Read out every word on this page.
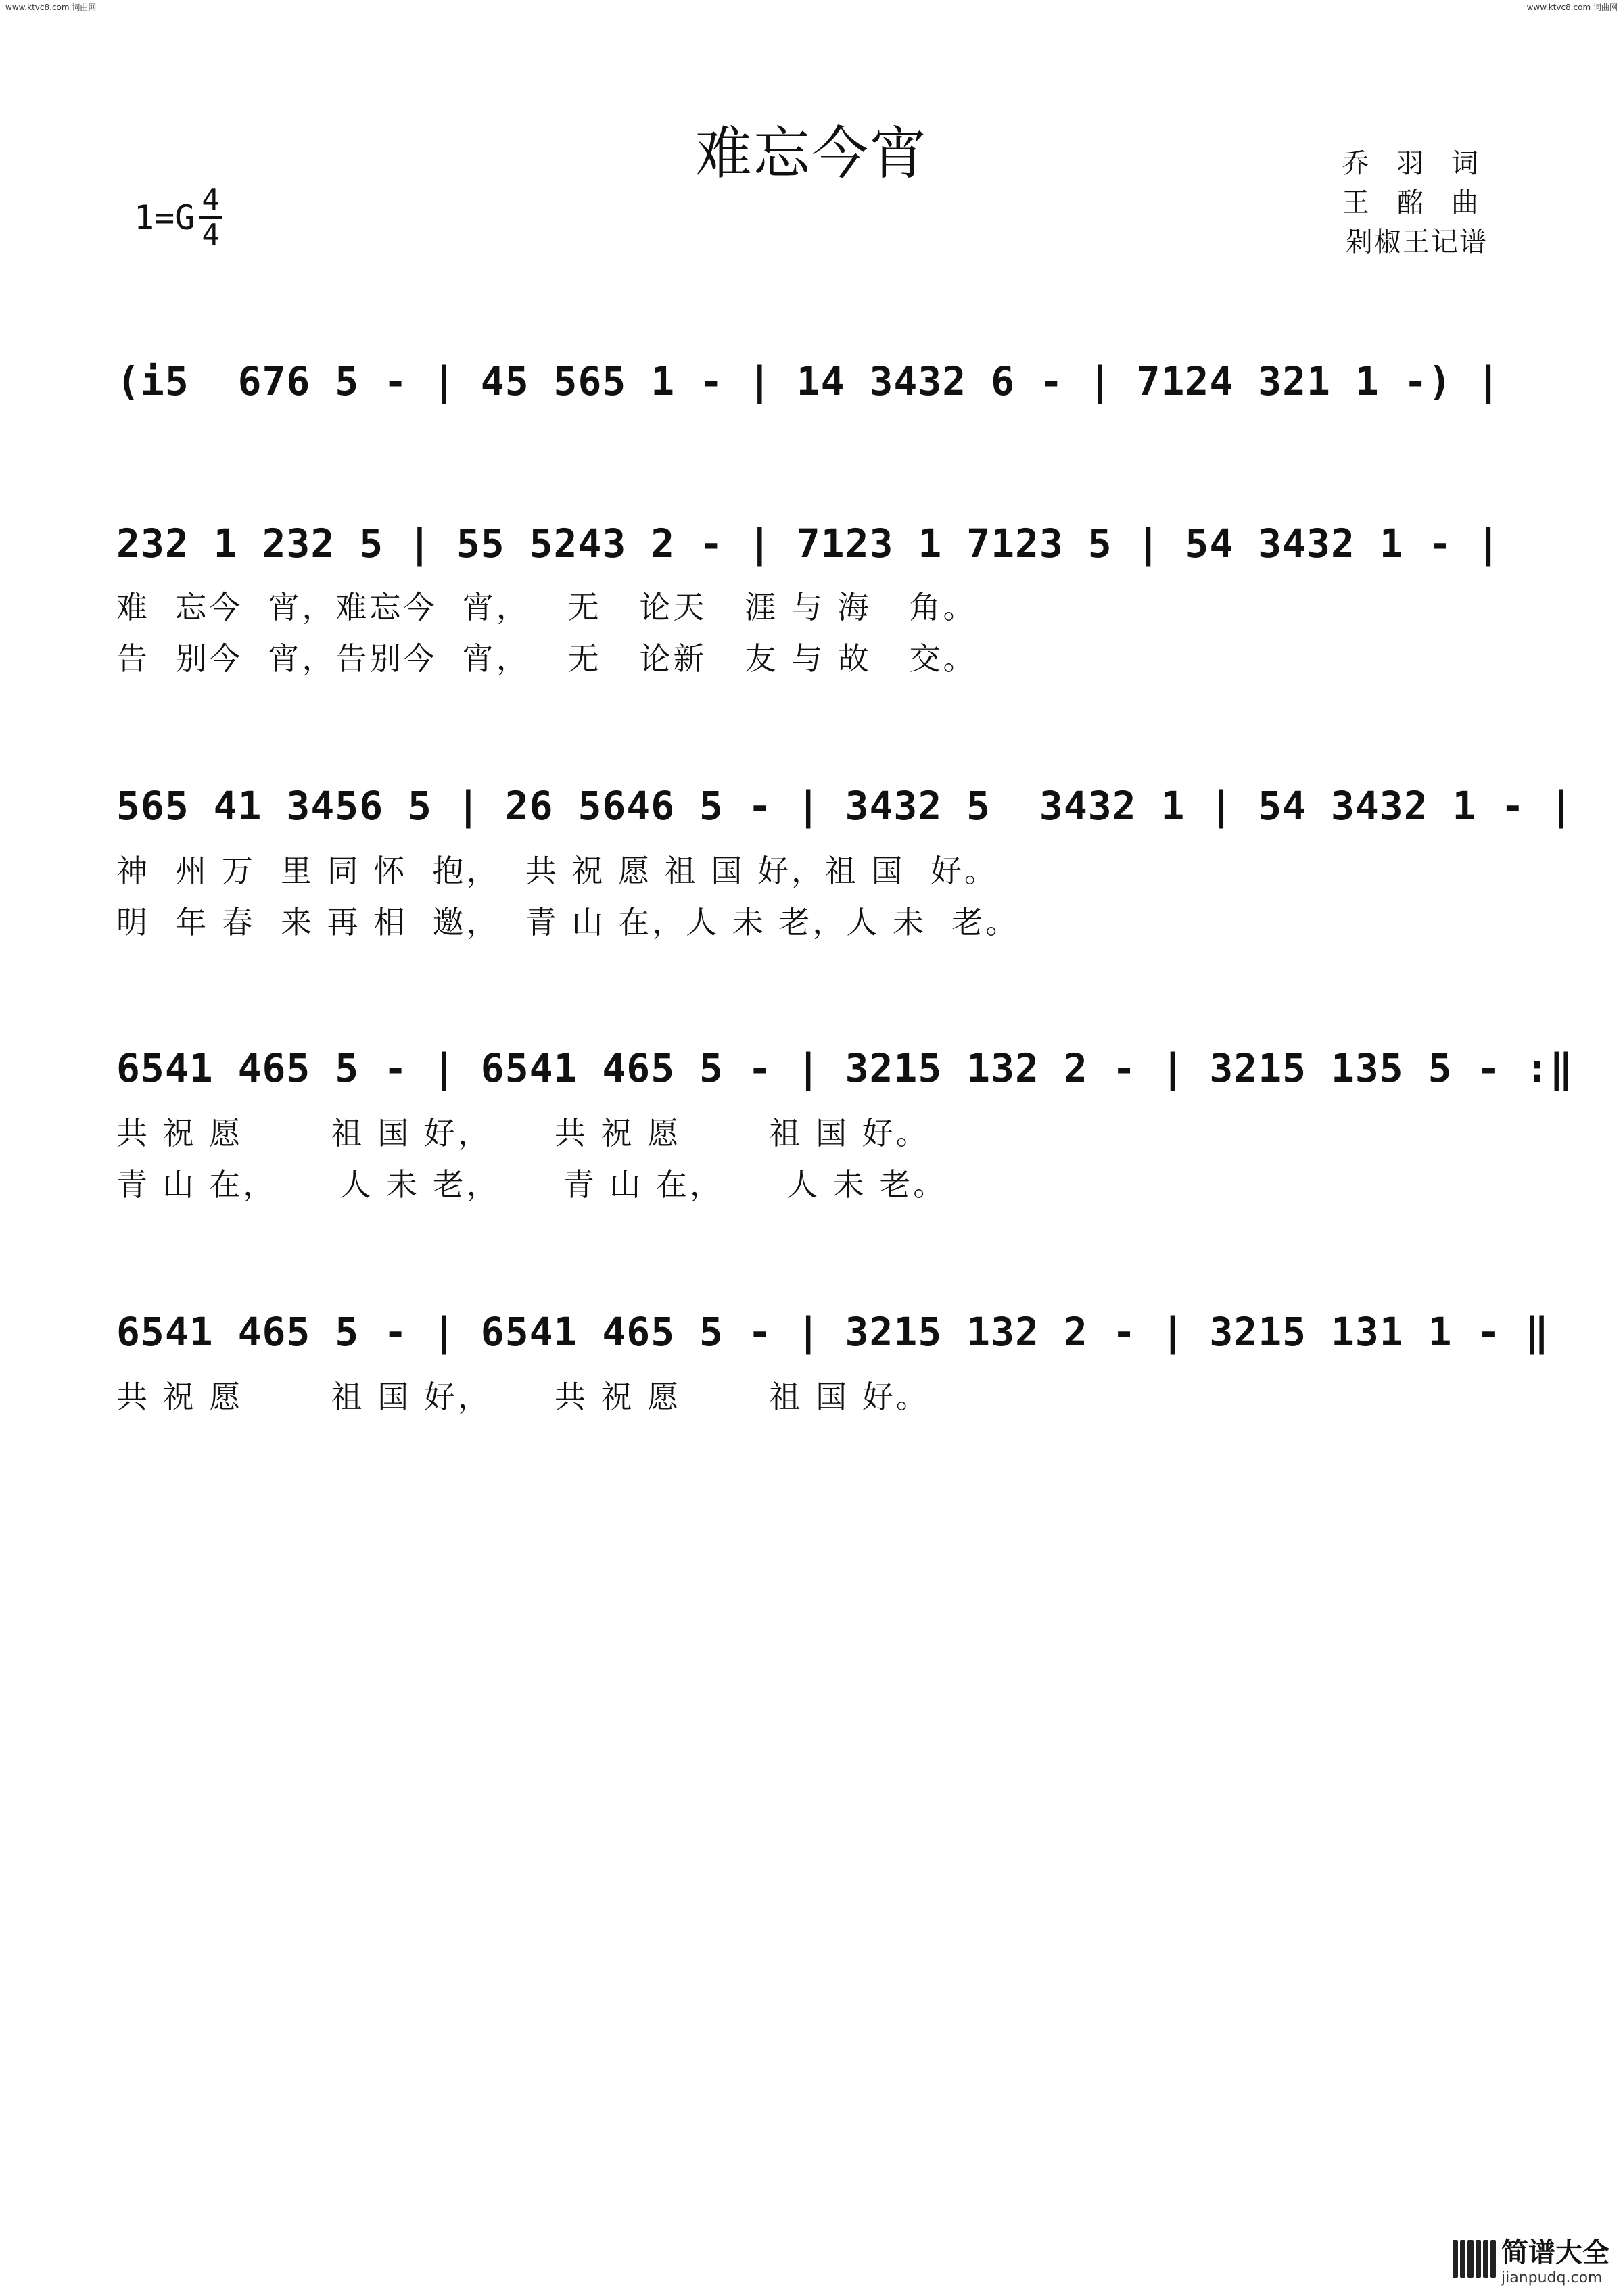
www.ktvc8.com 词曲网	www.ktvc8.com 词曲网
难忘今宵	乔 羽 词
王 酩 曲
剁椒王记谱
$1=G \frac{4}{4}$
(i5  676 5 - | 45 565 1 - | 14 3432 6 - | 7124 321 1 -) |
232 1 232 5 | 55 5243 2 - | 7123 1 7123 5 | 54 3432 1 - |
难  忘今  宵，难忘今  宵，   无   论天   涯 与 海   角。
告  别今  宵，告别今  宵，   无   论新   友 与 故   交。
565 41 3456 5 | 26 5646 5 - | 3432 5  3432 1 | 54 3432 1 - |
神  州 万  里 同 怀  抱，  共 祝 愿 祖 国 好，祖 国  好。
明  年 春  来 再 相  邀，  青 山 在，人 未 老，人 未  老。
6541 465 5 - | 6541 465 5 - | 3215 132 2 - | 3215 135 5 - :‖
共 祝 愿       祖 国 好，     共 祝 愿       祖 国 好。
青 山 在，     人 未 老，     青 山 在，     人 未 老。
6541 465 5 - | 6541 465 5 - | 3215 132 2 - | 3215 131 1 - ‖
共 祝 愿       祖 国 好，     共 祝 愿       祖 国 好。
简谱大全
jianpudq.com
